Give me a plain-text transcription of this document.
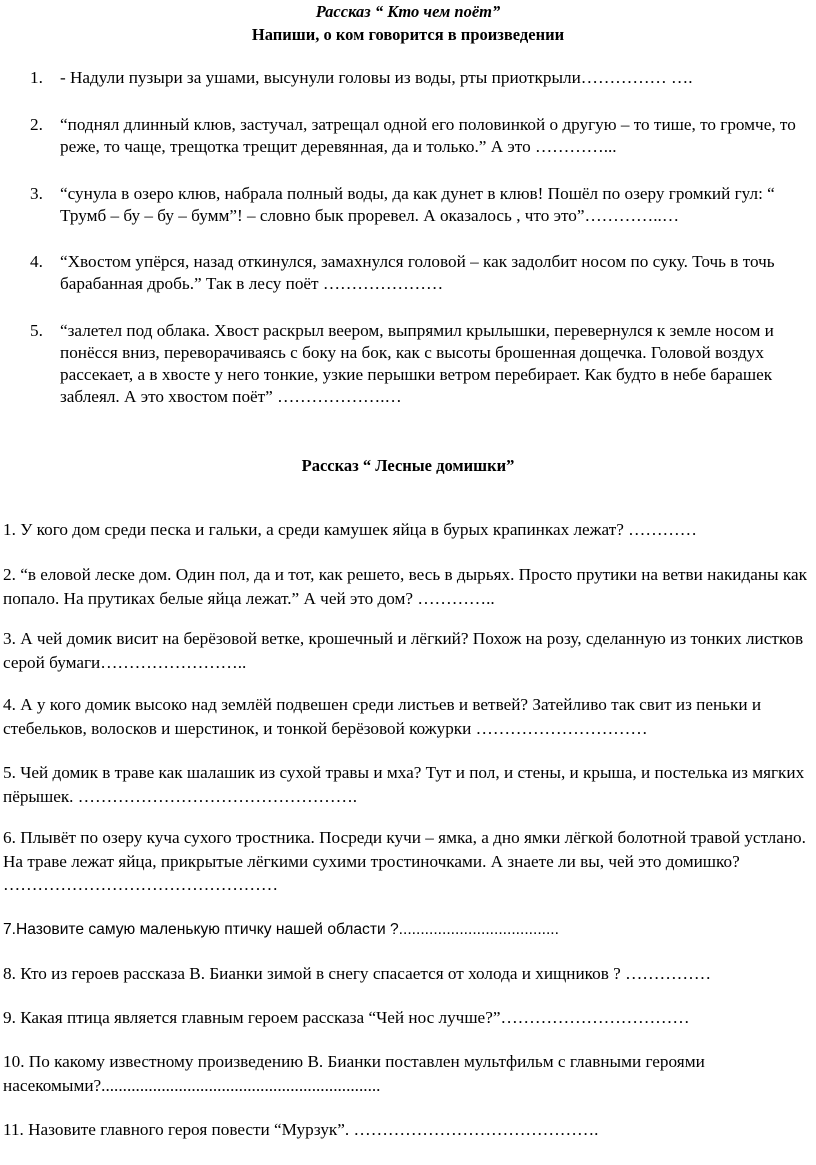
Рассказ “ Кто чем поёт”
Напиши, о ком говорится в произведении
1. - Надули пузыри за ушами, высунули головы из воды, рты приоткрыли…………… ….
2. “поднял длинный клюв, застучал, затрещал одной его половинкой о другую – то тише, то громче, то реже, то чаще, трещотка трещит деревянная, да и только.” А это …………...
3. “сунула в озеро клюв, набрала полный воды, да как дунет в клюв! Пошёл по озеру громкий гул: “ Трумб – бу – бу – бумм”! – словно бык проревел. А оказалось , что это”…………..…
4. “Хвостом упёрся, назад откинулся, замахнулся головой – как задолбит носом по суку. Точь в точь барабанная дробь.” Так в лесу поёт …………………
5. “залетел под облака. Хвост раскрыл веером, выпрямил крылышки, перевернулся к земле носом и понёсся вниз, переворачиваясь с боку на бок, как с высоты брошенная дощечка. Головой воздух рассекает, а в хвосте у него тонкие, узкие перышки ветром перебирает. Как будто в небе барашек заблеял. А это хвостом поёт” ……………….…
Рассказ “ Лесные домишки”
1. У кого дом среди песка и гальки, а среди камушек яйца в бурых крапинках лежат? …………
2. “в еловой леске дом. Один пол, да и тот, как решето, весь в дырьях. Просто прутики на ветви накиданы как попало. На прутиках белые яйца лежат.” А чей это дом? …………..
3. А чей домик висит на берёзовой ветке, крошечный и лёгкий? Похож на розу, сделанную из тонких листков серой бумаги……………………..
4. А у кого домик высоко над землёй подвешен среди листьев и ветвей? Затейливо так свит из пеньки и стебельков, волосков и шерстинок, и тонкой берёзовой кожурки …………………………
5. Чей домик в траве как шалашик из сухой травы и мха? Тут и пол, и стены, и крыша, и постелька из мягких пёрышек. ………………………………………….
6. Плывёт по озеру куча сухого тростника. Посреди кучи – ямка, а дно ямки лёгкой болотной травой устлано. На траве лежат яйца, прикрытые лёгкими сухими тростиночками. А знаете ли вы, чей это домишко? …………………………………………
7.Назовите самую маленькую птичку нашей области ?.....................................
8. Кто из героев рассказа В. Бианки зимой в снегу спасается от холода и хищников ? ……………
9. Какая птица является главным героем рассказа “Чей нос лучше?”……………………………
10. По какому известному произведению В. Бианки поставлен мультфильм с главными героями насекомыми?.................................................................
11. Назовите главного героя повести “Мурзук”. …………………………………….
